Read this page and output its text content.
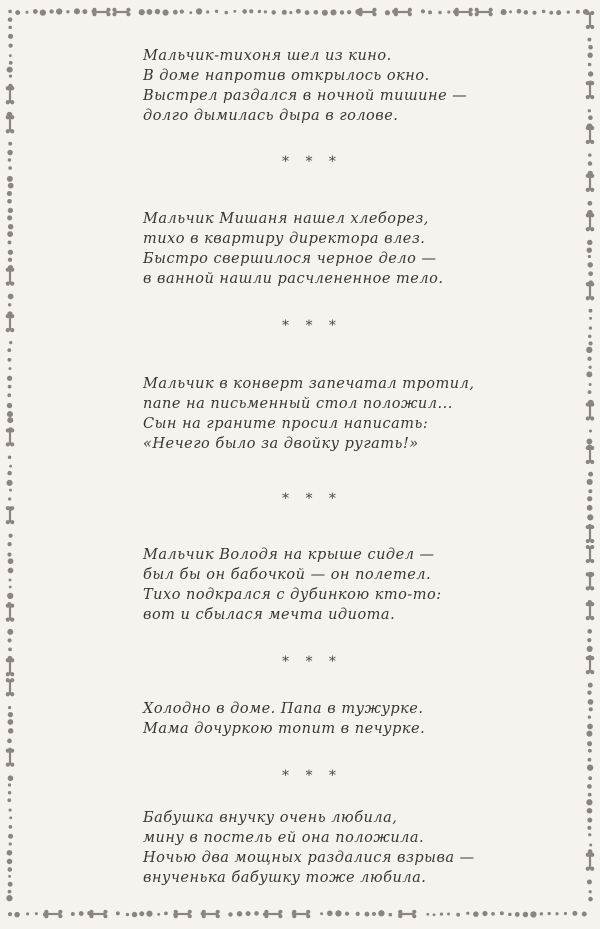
Мальчик-тихоня шел из кино.
В доме напротив открылось окно.
Выстрел раздался в ночной тишине —
долго дымилась дыра в голове.
* * *
Мальчик Мишаня нашел хлеборез,
тихо в квартиру директора влез.
Быстро свершилося черное дело —
в ванной нашли расчлененное тело.
* * *
Мальчик в конверт запечатал тротил,
папе на письменный стол положил...
Сын на граните просил написать:
«Нечего было за двойку ругать!»
* * *
Мальчик Володя на крыше сидел —
был бы он бабочкой — он полетел.
Тихо подкрался с дубинкою кто-то:
вот и сбылася мечта идиота.
* * *
Холодно в доме. Папа в тужурке.
Мама дочуркою топит в печурке.
* * *
Бабушка внучку очень любила,
мину в постель ей она положила.
Ночью два мощных раздалися взрыва —
внученька бабушку тоже любила.
